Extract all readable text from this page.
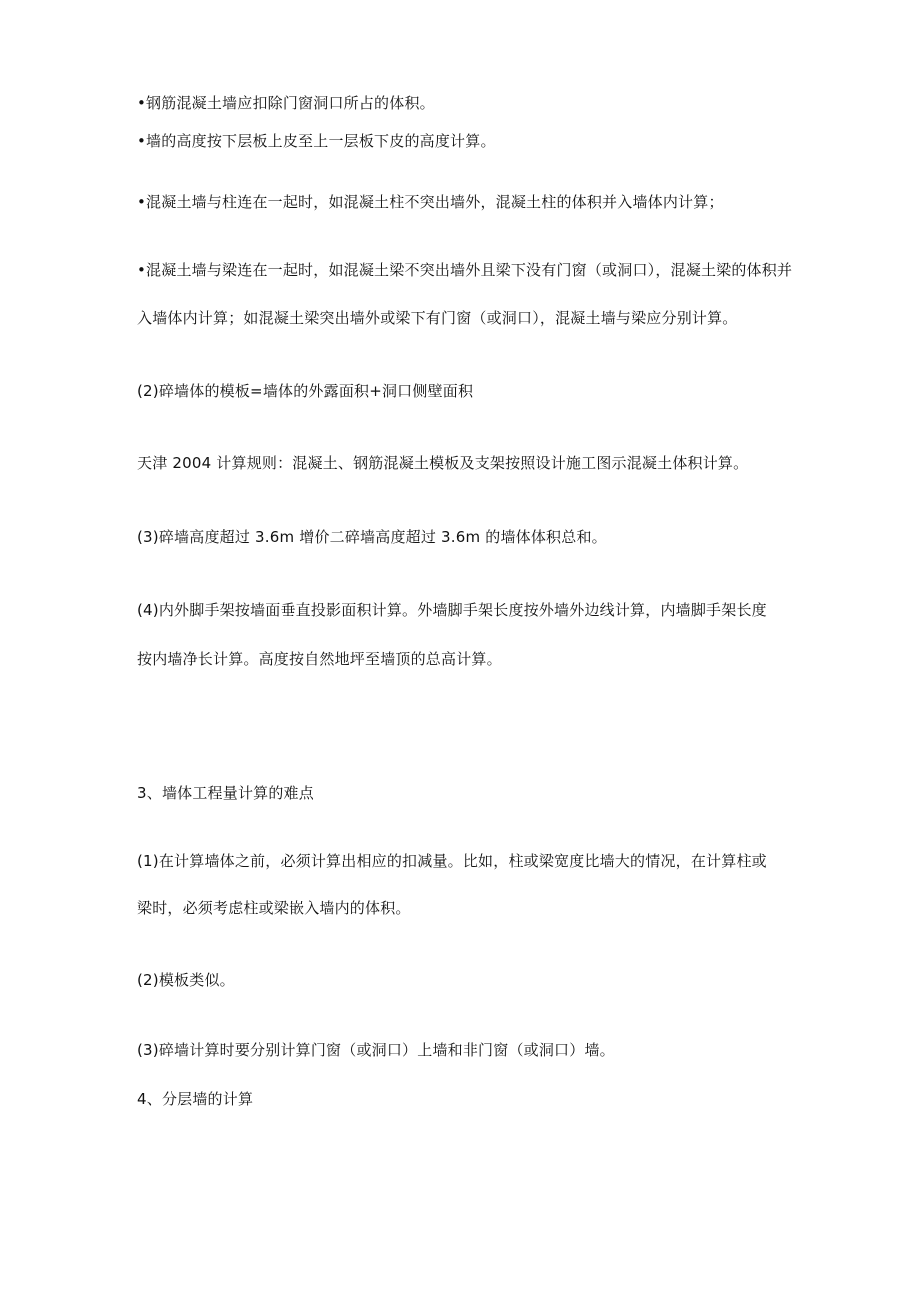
•钢筋混凝土墙应扣除门窗洞口所占的体积。
•墙的高度按下层板上皮至上一层板下皮的高度计算。
•混凝土墙与柱连在一起时，如混凝土柱不突出墙外，混凝土柱的体积并入墙体内计算；
•混凝土墙与梁连在一起时，如混凝土梁不突出墙外且梁下没有门窗（或洞口），混凝土梁的体积并
入墙体内计算；如混凝土梁突出墙外或梁下有门窗（或洞口），混凝土墙与梁应分别计算。
(2)碎墙体的模板=墙体的外露面积+洞口侧壁面积
天津 2004 计算规则：混凝土、钢筋混凝土模板及支架按照设计施工图示混凝土体积计算。
(3)碎墙高度超过 3.6m 增价二碎墙高度超过 3.6m 的墙体体积总和。
(4)内外脚手架按墙面垂直投影面积计算。外墙脚手架长度按外墙外边线计算，内墙脚手架长度
按内墙净长计算。高度按自然地坪至墙顶的总高计算。
3、墙体工程量计算的难点
(1)在计算墙体之前，必须计算出相应的扣减量。比如，柱或梁宽度比墙大的情况，在计算柱或
梁时，必须考虑柱或梁嵌入墙内的体积。
(2)模板类似。
(3)碎墙计算时要分别计算门窗（或洞口）上墙和非门窗（或洞口）墙。
4、分层墙的计算
